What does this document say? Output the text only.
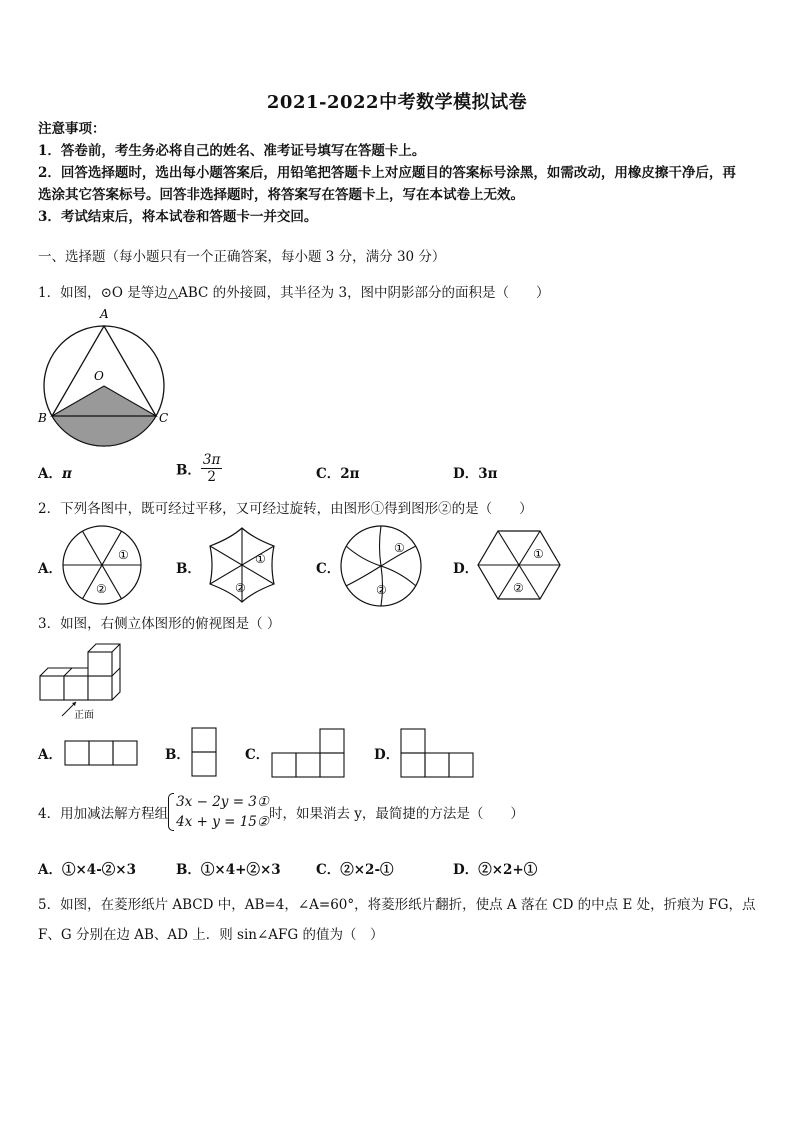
2021-2022中考数学模拟试卷
注意事项：
1．答卷前，考生务必将自己的姓名、准考证号填写在答题卡上。
2．回答选择题时，选出每小题答案后，用铅笔把答题卡上对应题目的答案标号涂黑，如需改动，用橡皮擦干净后，再
选涂其它答案标号。回答非选择题时，将答案写在答题卡上，写在本试卷上无效。
3．考试结束后，将本试卷和答题卡一并交回。
一、选择题（每小题只有一个正确答案，每小题 3 分，满分 30 分）
1．如图，⊙O 是等边△ABC 的外接圆，其半径为 3，图中阴影部分的面积是（　　）
A
O
B	C
A．π	B． $\frac{3\pi}{2}$	C．2π	D．3π
2．下列各图中，既可经过平移，又可经过旋转，由图形①得到图形②的是（　　）
A．
①
②
B．
①
②
C．
①
②
D．
①
②
3．如图，右侧立体图形的俯视图是（ ）
正面
A．	B．	C．	D．
4．用加减法解方程组
3x − 2y = 3①
4x + y = 15② 时，如果消去 y，最简捷的方法是（　　）
A．①×4-②×3	B．①×4+②×3	C．②×2-①	D．②×2+①
5．如图，在菱形纸片 ABCD 中，AB=4，∠A=60°，将菱形纸片翻折，使点 A 落在 CD 的中点 E 处，折痕为 FG，点
F、G 分别在边 AB、AD 上．则 sin∠AFG 的值为（　）
